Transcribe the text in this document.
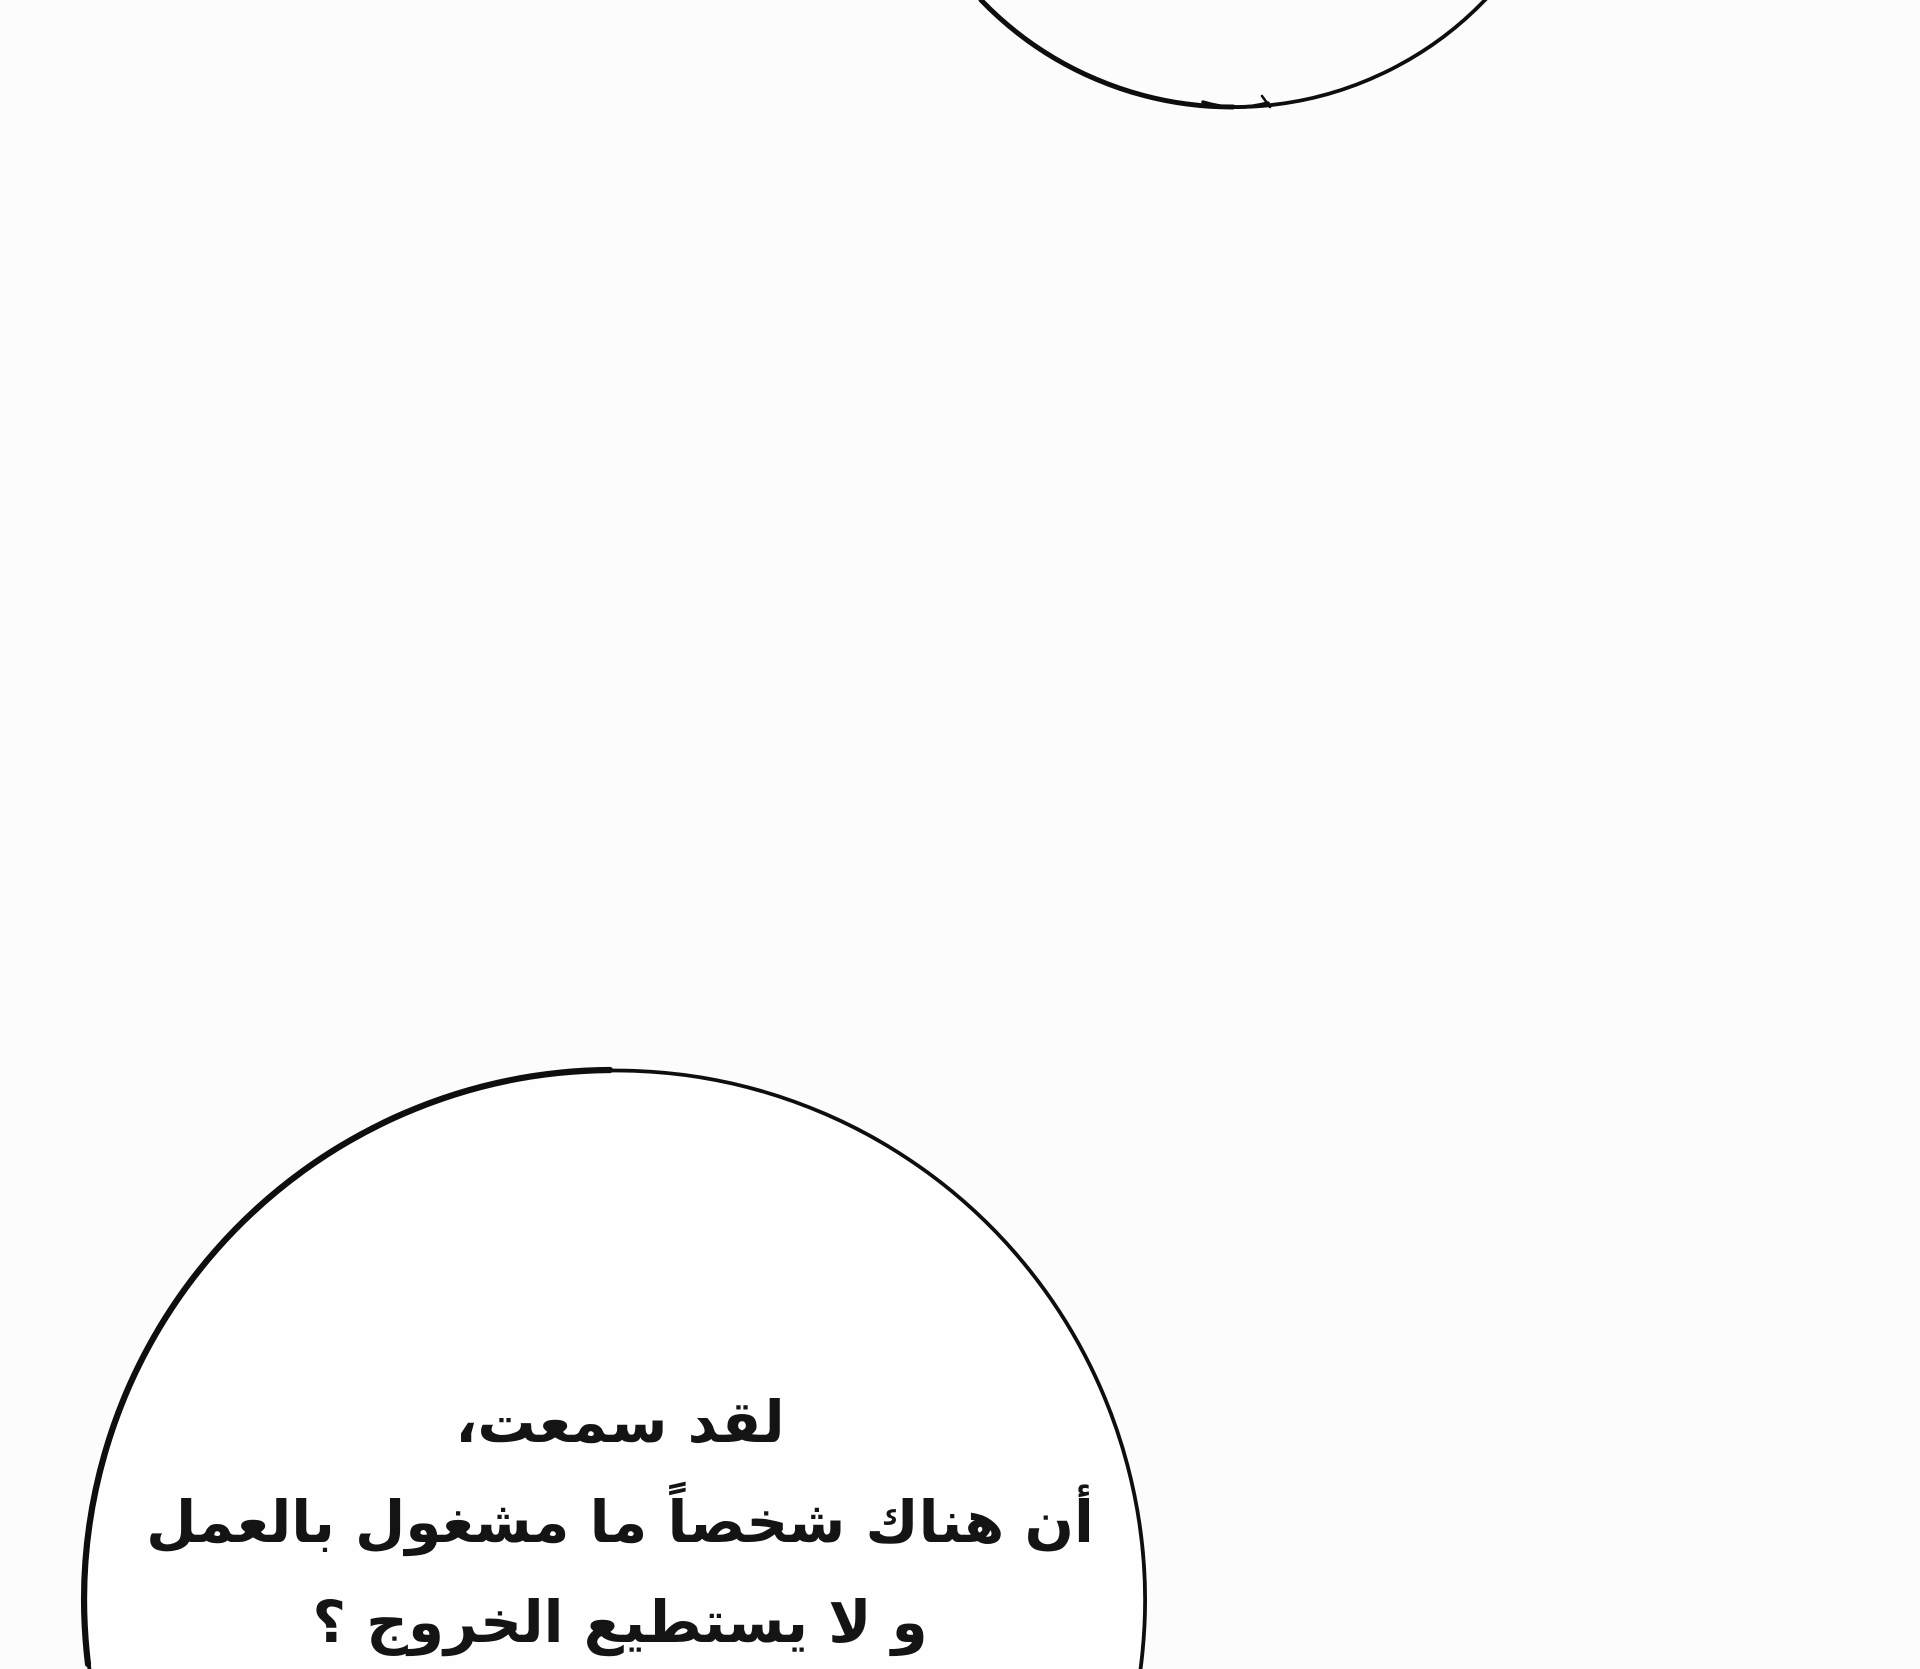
لقد سمعت،
أن هناك شخصاً ما مشغول بالعمل
و لا يستطيع الخروج ؟
